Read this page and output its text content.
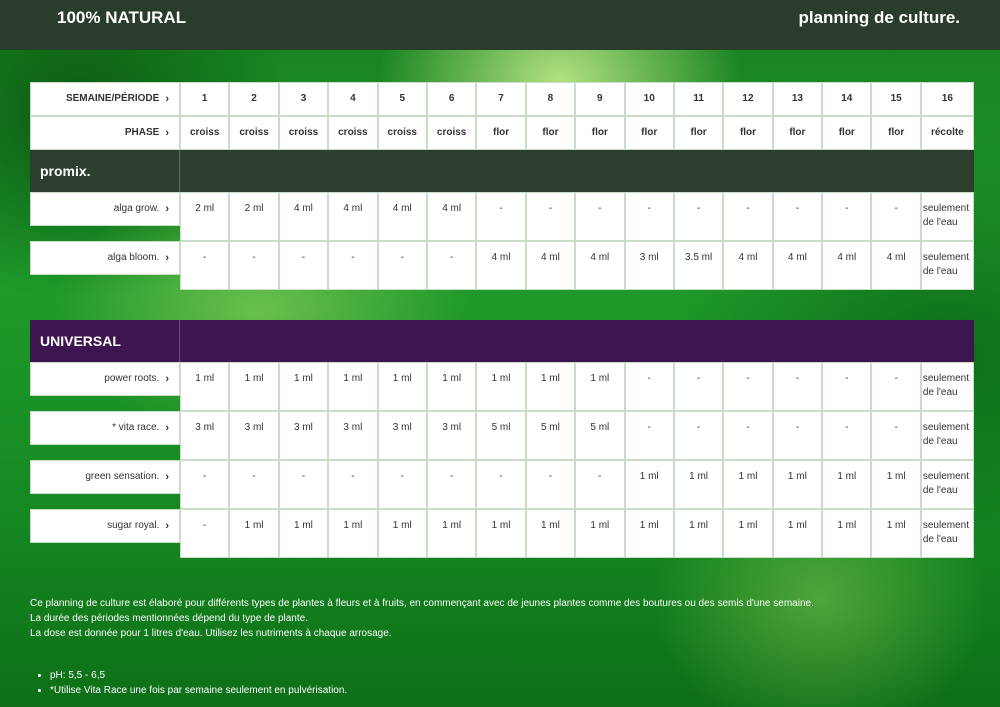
100% NATURAL	planning de culture.
SEMAINE/PÉRIODE ›	1	2	3	4	5	6	7	8	9	10	11	12	13	14	15	16
PHASE ›	croiss	croiss	croiss	croiss	croiss	croiss	flor	flor	flor	flor	flor	flor	flor	flor	flor	récolte
promix.
alga grow. ›	2 ml	2 ml	4 ml	4 ml	4 ml	4 ml	-	-	-	-	-	-	-	-	-	seulement de l'eau
alga bloom. ›	-	-	-	-	-	-	4 ml	4 ml	4 ml	3 ml	3.5 ml	4 ml	4 ml	4 ml	4 ml	seulement de l'eau
UNIVERSAL
power roots. ›	1 ml	1 ml	1 ml	1 ml	1 ml	1 ml	1 ml	1 ml	1 ml	-	-	-	-	-	-	seulement de l'eau
* vita race. ›	3 ml	3 ml	3 ml	3 ml	3 ml	3 ml	5 ml	5 ml	5 ml	-	-	-	-	-	-	seulement de l'eau
green sensation. ›	-	-	-	-	-	-	-	-	-	1 ml	1 ml	1 ml	1 ml	1 ml	1 ml	seulement de l'eau
sugar royal. ›	-	1 ml	1 ml	1 ml	1 ml	1 ml	1 ml	1 ml	1 ml	1 ml	1 ml	1 ml	1 ml	1 ml	1 ml	seulement de l'eau

Ce planning de culture est élaboré pour différents types de plantes à fleurs et à fruits, en commençant avec de jeunes plantes comme des boutures ou des semis d'une semaine.

La durée des périodes mentionnées dépend du type de plante.

La dose est donnée pour 1 litres d'eau. Utilisez les nutriments à chaque arrosage.

• pH: 5,5 - 6,5
• *Utilise Vita Race une fois par semaine seulement en pulvérisation.
